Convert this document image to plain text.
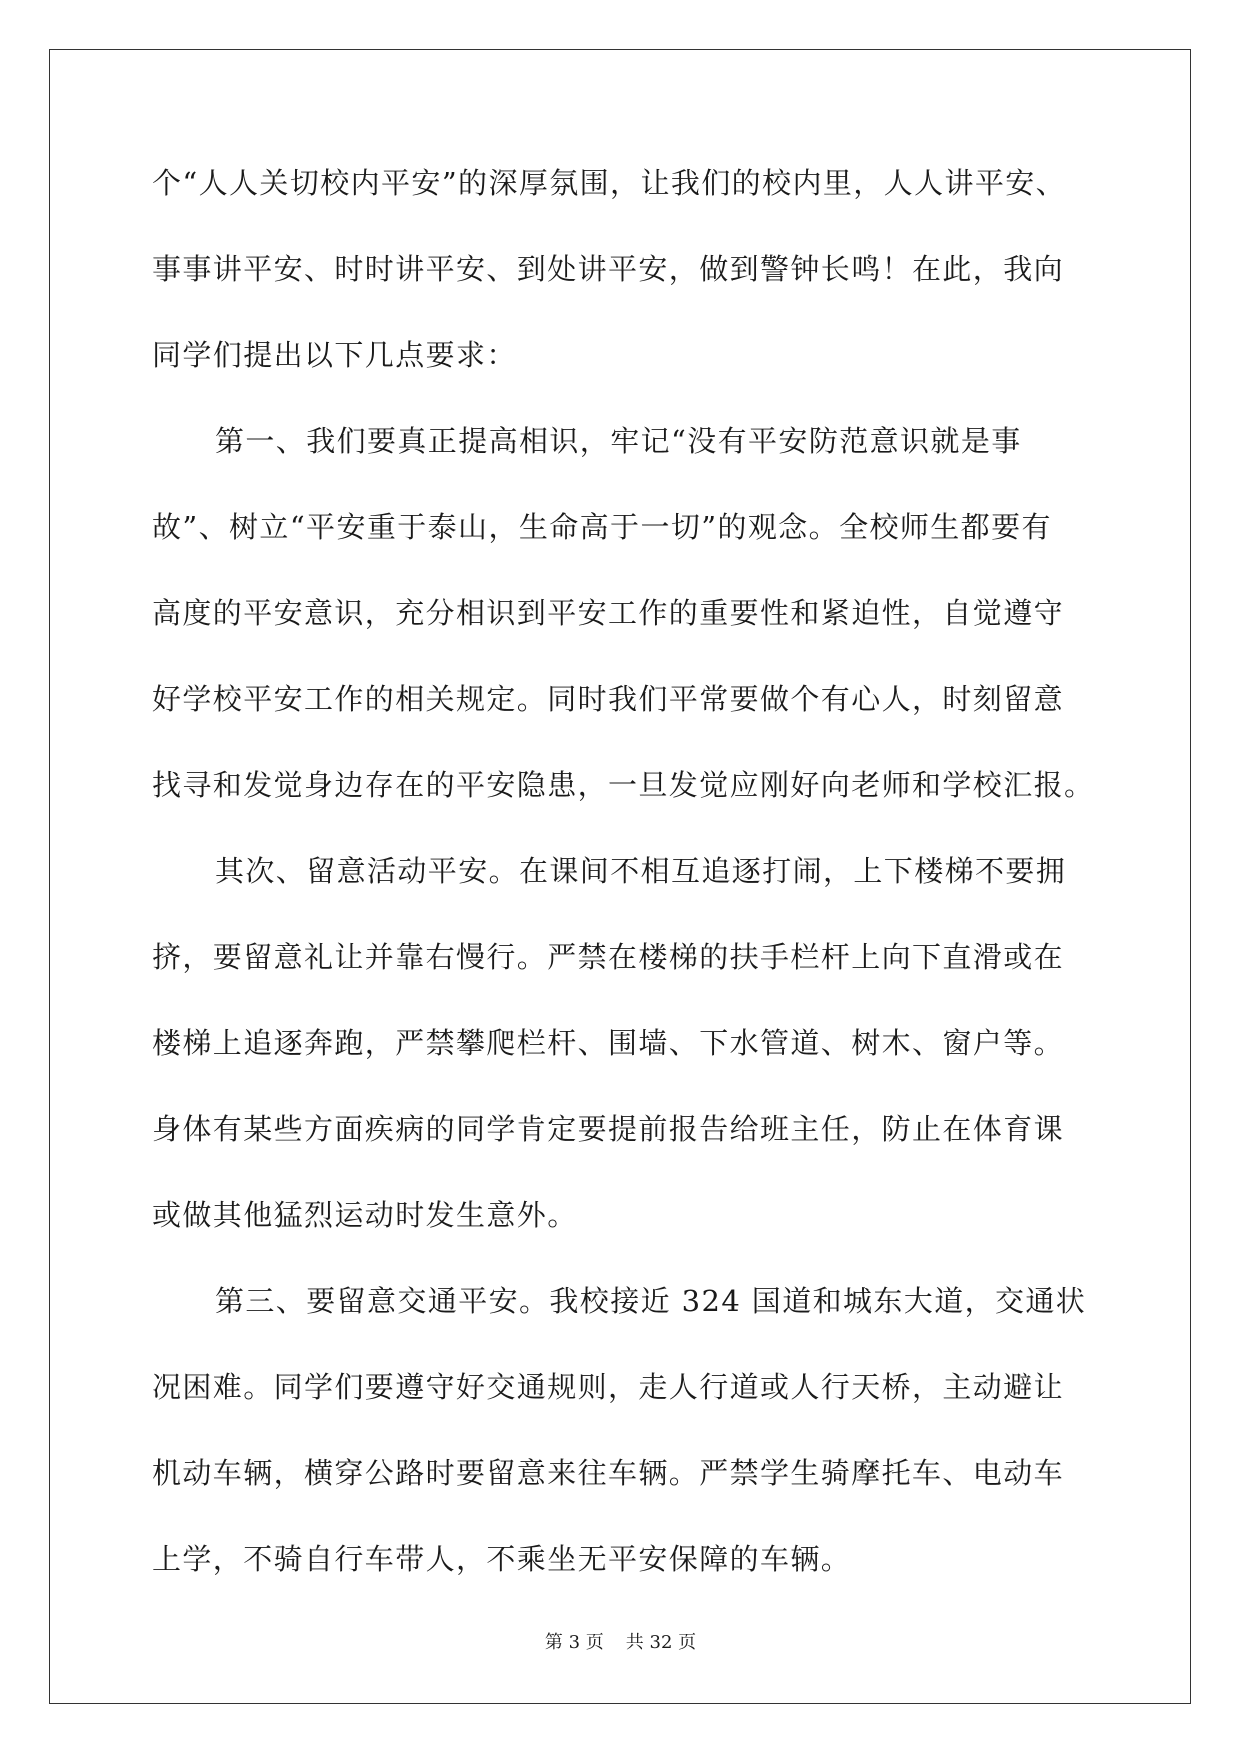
个“人人关切校内平安”的深厚氛围，让我们的校内里，人人讲平安、
事事讲平安、时时讲平安、到处讲平安，做到警钟长鸣！在此，我向
同学们提出以下几点要求：
第一、我们要真正提高相识，牢记“没有平安防范意识就是事
故”、树立“平安重于泰山，生命高于一切”的观念。全校师生都要有
高度的平安意识，充分相识到平安工作的重要性和紧迫性，自觉遵守
好学校平安工作的相关规定。同时我们平常要做个有心人，时刻留意
找寻和发觉身边存在的平安隐患，一旦发觉应刚好向老师和学校汇报。
其次、留意活动平安。在课间不相互追逐打闹，上下楼梯不要拥
挤，要留意礼让并靠右慢行。严禁在楼梯的扶手栏杆上向下直滑或在
楼梯上追逐奔跑，严禁攀爬栏杆、围墙、下水管道、树木、窗户等。
身体有某些方面疾病的同学肯定要提前报告给班主任，防止在体育课
或做其他猛烈运动时发生意外。
第三、要留意交通平安。我校接近 324 国道和城东大道，交通状
况困难。同学们要遵守好交通规则，走人行道或人行天桥，主动避让
机动车辆，横穿公路时要留意来往车辆。严禁学生骑摩托车、电动车
上学，不骑自行车带人，不乘坐无平安保障的车辆。
第 3 页 共 32 页
